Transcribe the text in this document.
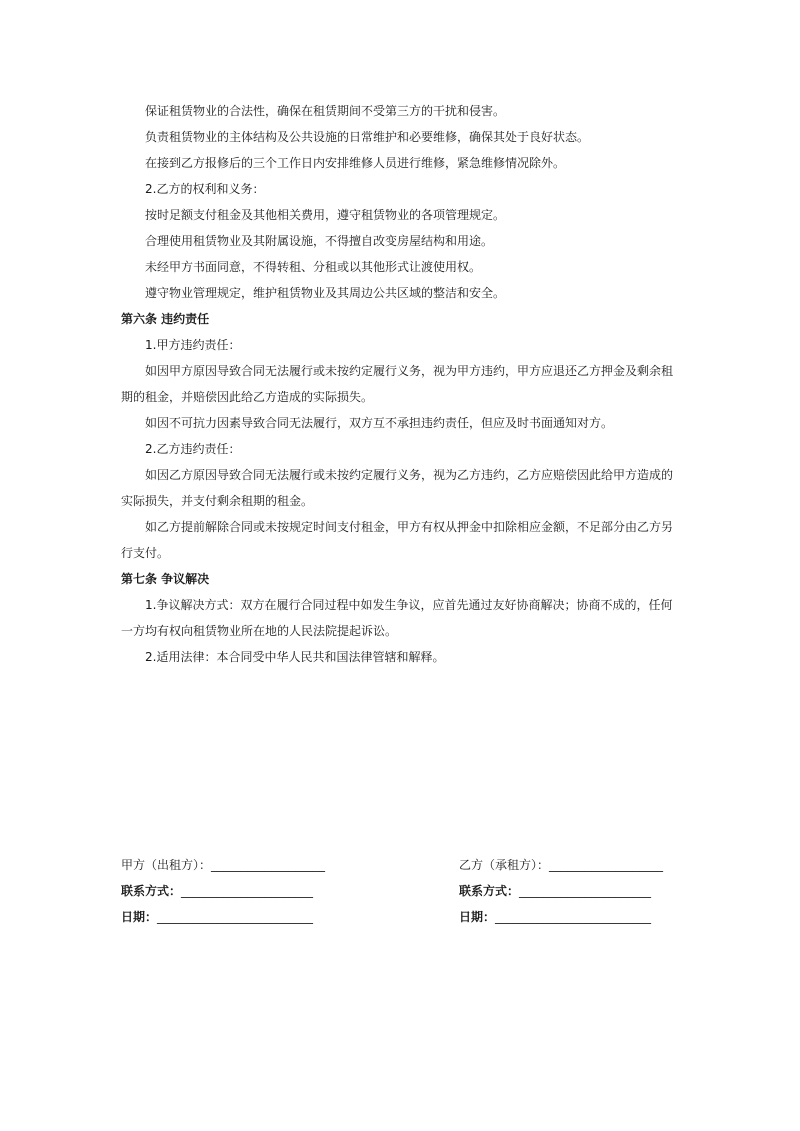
保证租赁物业的合法性，确保在租赁期间不受第三方的干扰和侵害。

负责租赁物业的主体结构及公共设施的日常维护和必要维修，确保其处于良好状态。

在接到乙方报修后的三个工作日内安排维修人员进行维修，紧急维修情况除外。

2.乙方的权利和义务：

按时足额支付租金及其他相关费用，遵守租赁物业的各项管理规定。

合理使用租赁物业及其附属设施，不得擅自改变房屋结构和用途。

未经甲方书面同意，不得转租、分租或以其他形式让渡使用权。

遵守物业管理规定，维护租赁物业及其周边公共区域的整洁和安全。

第六条 违约责任

1.甲方违约责任：

如因甲方原因导致合同无法履行或未按约定履行义务，视为甲方违约，甲方应退还乙方押金及剩余租期的租金，并赔偿因此给乙方造成的实际损失。

如因不可抗力因素导致合同无法履行，双方互不承担违约责任，但应及时书面通知对方。

2.乙方违约责任：

如因乙方原因导致合同无法履行或未按约定履行义务，视为乙方违约，乙方应赔偿因此给甲方造成的实际损失，并支付剩余租期的租金。

如乙方提前解除合同或未按规定时间支付租金，甲方有权从押金中扣除相应金额，不足部分由乙方另行支付。

第七条 争议解决

1.争议解决方式：双方在履行合同过程中如发生争议，应首先通过友好协商解决；协商不成的，任何一方均有权向租赁物业所在地的人民法院提起诉讼。

2.适用法律：本合同受中华人民共和国法律管辖和解释。

甲方（出租方）：___________________	乙方（承租方）：___________________
联系方式：______________________	联系方式：______________________
日期：__________________________	日期：__________________________
